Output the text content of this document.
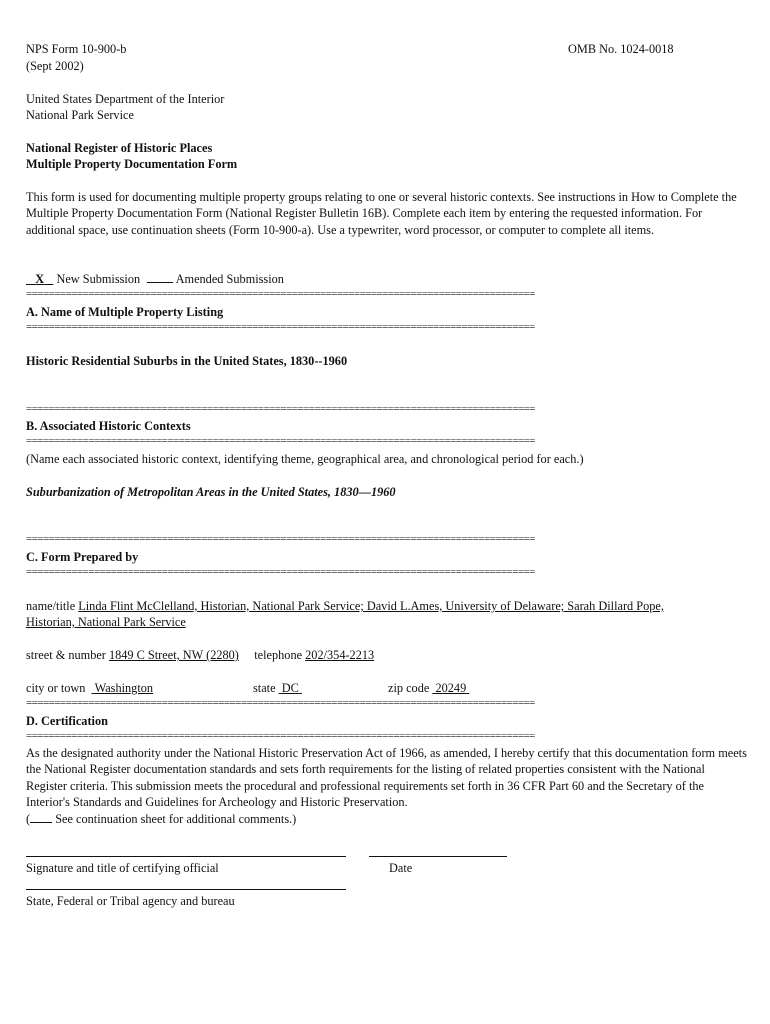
NPS Form 10-900-b	OMB No. 1024-0018
(Sept 2002)
United States Department of the Interior
National Park Service
National Register of Historic Places
Multiple Property Documentation Form
This form is used for documenting multiple property groups relating to one or several historic contexts. See instructions in How to Complete the Multiple Property Documentation Form (National Register Bulletin 16B). Complete each item by entering the requested information. For additional space, use continuation sheets (Form 10-900-a). Use a typewriter, word processor, or computer to complete all items.
X New Submission	Amended Submission
==========================================================================================
A. Name of Multiple Property Listing
==========================================================================================
Historic Residential Suburbs in the United States, 1830--1960
==========================================================================================
B. Associated Historic Contexts
==========================================================================================
(Name each associated historic context, identifying theme, geographical area, and chronological period for each.)
Suburbanization of Metropolitan Areas in the United States, 1830—1960
==========================================================================================
C. Form Prepared by
==========================================================================================
name/title Linda Flint McClelland, Historian, National Park Service; David L.Ames, University of Delaware; Sarah Dillard Pope,
Historian, National Park Service
street & number 1849 C Street, NW (2280) telephone 202/354-2213
city or town Washington	state DC	zip code 20249
==========================================================================================
D. Certification
==========================================================================================
As the designated authority under the National Historic Preservation Act of 1966, as amended, I hereby certify that this documentation form meets the National Register documentation standards and sets forth requirements for the listing of related properties consistent with the National Register criteria. This submission meets the procedural and professional requirements set forth in 36 CFR Part 60 and the Secretary of the Interior's Standards and Guidelines for Archeology and Historic Preservation.
( See continuation sheet for additional comments.)
Signature and title of certifying official	Date
State, Federal or Tribal agency and bureau
